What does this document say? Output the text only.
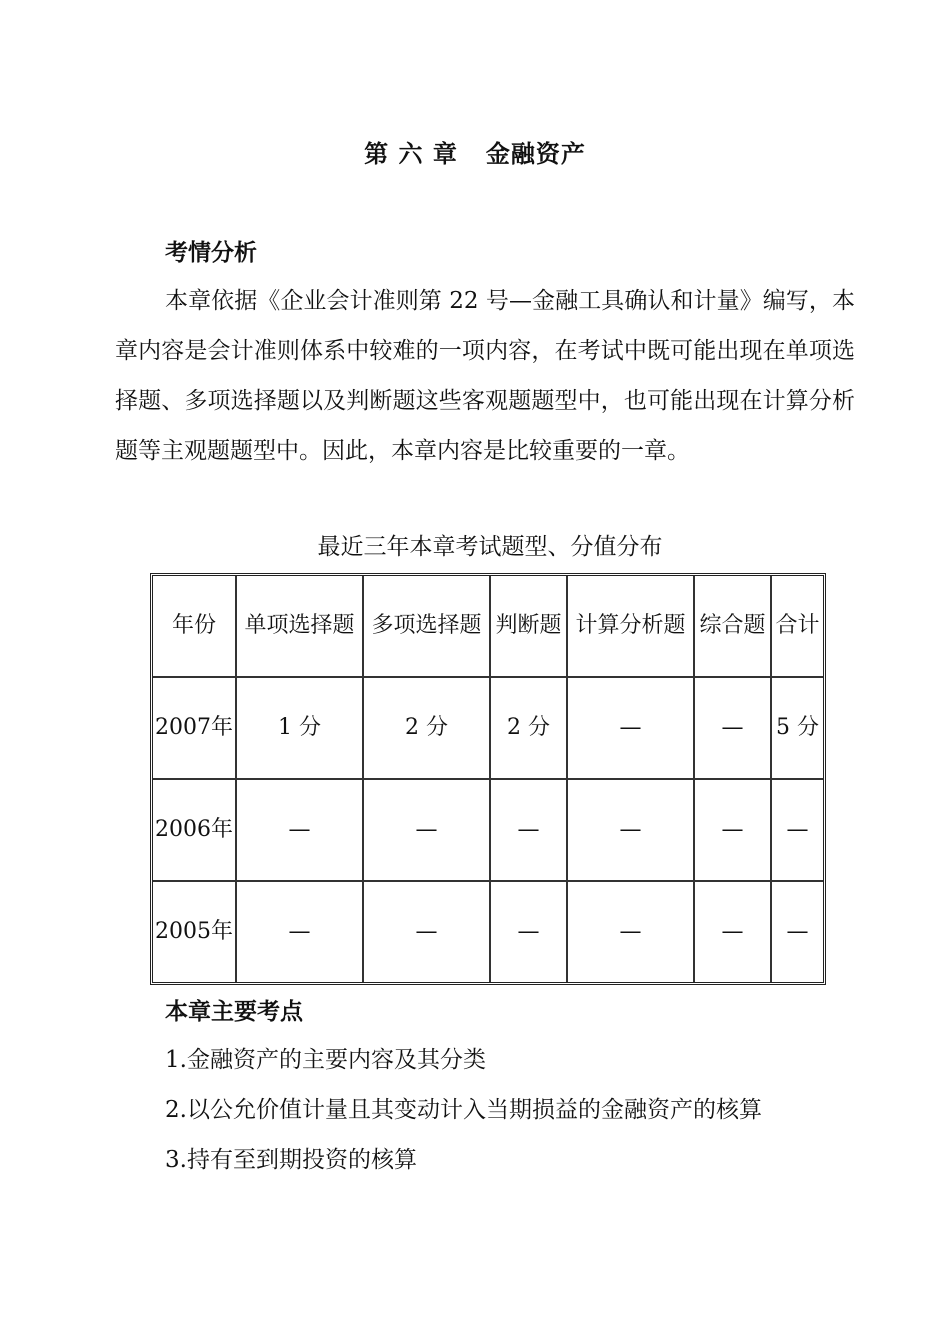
第 六 章   金融资产
考情分析
本章依据《企业会计准则第 22 号—金融工具确认和计量》编写，本章内容是会计准则体系中较难的一项内容，在考试中既可能出现在单项选择题、多项选择题以及判断题这些客观题题型中，也可能出现在计算分析题等主观题题型中。因此，本章内容是比较重要的一章。
最近三年本章考试题型、分值分布
年份	单项选择题	多项选择题	判断题	计算分析题	综合题	合计
2007年	1 分	2 分	2 分	—	—	5 分
2006年	—	—	—	—	—	—
2005年	—	—	—	—	—	—
本章主要考点
1.金融资产的主要内容及其分类
2.以公允价值计量且其变动计入当期损益的金融资产的核算
3.持有至到期投资的核算
